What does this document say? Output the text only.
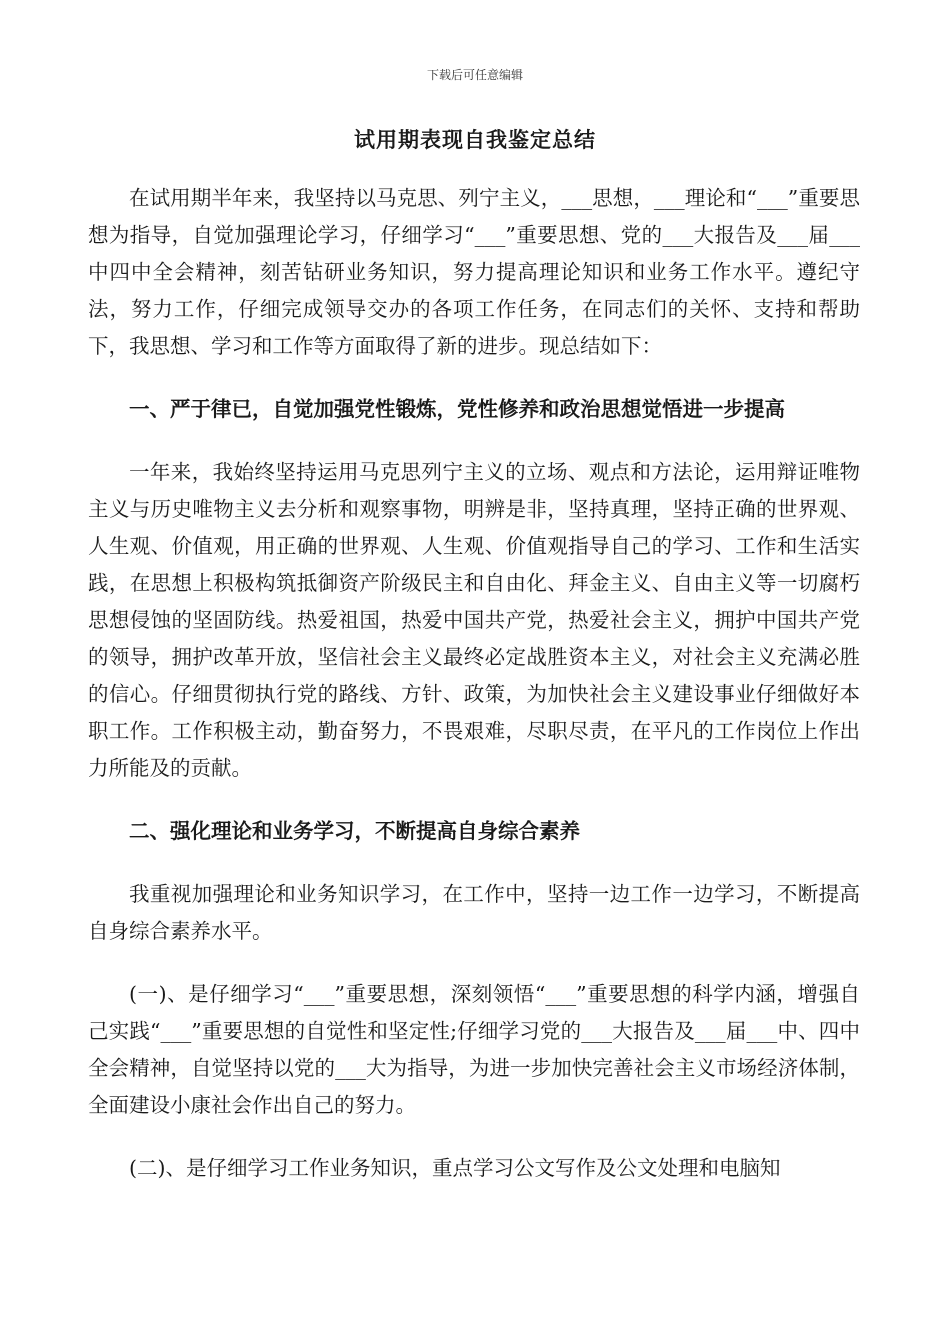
下载后可任意编辑
试用期表现自我鉴定总结

在试用期半年来，我坚持以马克思、列宁主义，___思想，___理论和“___”重要思想为指导，自觉加强理论学习，仔细学习“___”重要思想、党的___大报告及___届___中四中全会精神，刻苦钻研业务知识，努力提高理论知识和业务工作水平。遵纪守法，努力工作，仔细完成领导交办的各项工作任务，在同志们的关怀、支持和帮助下，我思想、学习和工作等方面取得了新的进步。现总结如下：

一、严于律已，自觉加强党性锻炼，党性修养和政治思想觉悟进一步提高

一年来，我始终坚持运用马克思列宁主义的立场、观点和方法论，运用辩证唯物主义与历史唯物主义去分析和观察事物，明辨是非，坚持真理，坚持正确的世界观、人生观、价值观，用正确的世界观、人生观、价值观指导自己的学习、工作和生活实践，在思想上积极构筑抵御资产阶级民主和自由化、拜金主义、自由主义等一切腐朽思想侵蚀的坚固防线。热爱祖国，热爱中国共产党，热爱社会主义，拥护中国共产党的领导，拥护改革开放，坚信社会主义最终必定战胜资本主义，对社会主义充满必胜的信心。仔细贯彻执行党的路线、方针、政策，为加快社会主义建设事业仔细做好本职工作。工作积极主动，勤奋努力，不畏艰难，尽职尽责，在平凡的工作岗位上作出力所能及的贡献。

二、强化理论和业务学习，不断提高自身综合素养

我重视加强理论和业务知识学习，在工作中，坚持一边工作一边学习，不断提高自身综合素养水平。

(一)、是仔细学习“___”重要思想，深刻领悟“___”重要思想的科学内涵，增强自己实践“___”重要思想的自觉性和坚定性;仔细学习党的___大报告及___届___中、四中全会精神，自觉坚持以党的___大为指导，为进一步加快完善社会主义市场经济体制，全面建设小康社会作出自己的努力。

(二)、是仔细学习工作业务知识，重点学习公文写作及公文处理和电脑知
